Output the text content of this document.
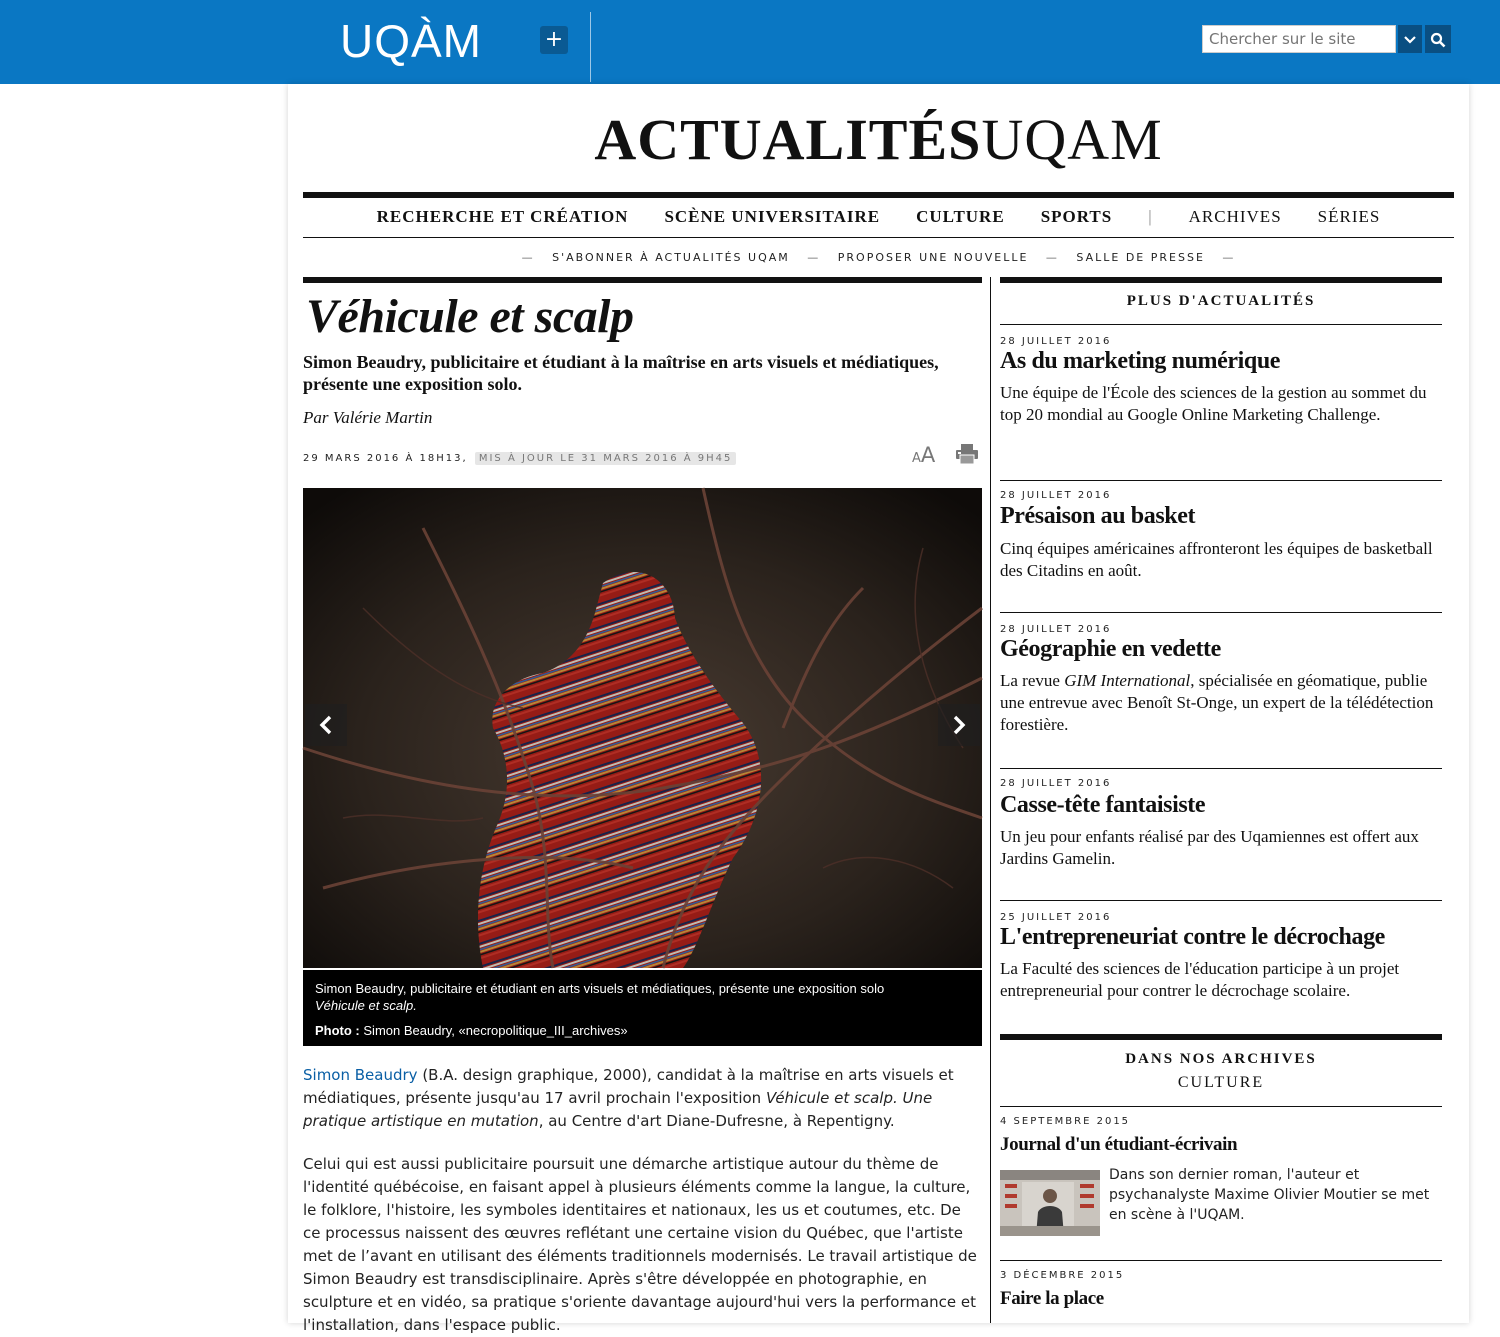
UQÀM	+
Chercher sur le site
ACTUALITÉSUQAM
RECHERCHE ET CRÉATION SCÈNE UNIVERSITAIRE CULTURE SPORTS | ARCHIVES SÉRIES
— S'ABONNER À ACTUALITÉS UQAM — PROPOSER UNE NOUVELLE — SALLE DE PRESSE —
Véhicule et scalp
Simon Beaudry, publicitaire et étudiant à la maîtrise en arts visuels et médiatiques, présente une exposition solo.
Par Valérie Martin
29 MARS 2016 À 18H13, MIS À JOUR LE 31 MARS 2016 À 9H45	AA
Simon Beaudry, publicitaire et étudiant en arts visuels et médiatiques, présente une exposition solo
Véhicule et scalp.
Photo : Simon Beaudry, «necropolitique_III_archives»
Simon Beaudry (B.A. design graphique, 2000), candidat à la maîtrise en arts visuels et médiatiques, présente jusqu'au 17 avril prochain l'exposition Véhicule et scalp. Une pratique artistique en mutation, au Centre d'art Diane-Dufresne, à Repentigny.
Celui qui est aussi publicitaire poursuit une démarche artistique autour du thème de l'identité québécoise, en faisant appel à plusieurs éléments comme la langue, la culture, le folklore, l'histoire, les symboles identitaires et nationaux, les us et coutumes, etc. De ce processus naissent des œuvres reflétant une certaine vision du Québec, que l'artiste met de l’avant en utilisant des éléments traditionnels modernisés. Le travail artistique de Simon Beaudry est transdisciplinaire. Après s'être développée en photographie, en sculpture et en vidéo, sa pratique s'oriente davantage aujourd'hui vers la performance et l'installation, dans l'espace public.
PLUS D'ACTUALITÉS
28 JUILLET 2016
As du marketing numérique
Une équipe de l'École des sciences de la gestion au sommet du top 20 mondial au Google Online Marketing Challenge.
28 JUILLET 2016
Présaison au basket
Cinq équipes américaines affronteront les équipes de basketball des Citadins en août.
28 JUILLET 2016
Géographie en vedette
La revue GIM International, spécialisée en géomatique, publie une entrevue avec Benoît St-Onge, un expert de la télédétection forestière.
28 JUILLET 2016
Casse-tête fantaisiste
Un jeu pour enfants réalisé par des Uqamiennes est offert aux Jardins Gamelin.
25 JUILLET 2016
L'entrepreneuriat contre le décrochage
La Faculté des sciences de l'éducation participe à un projet entrepreneurial pour contrer le décrochage scolaire.
DANS NOS ARCHIVES
CULTURE
4 SEPTEMBRE 2015
Journal d'un étudiant-écrivain
Dans son dernier roman, l'auteur et psychanalyste Maxime Olivier Moutier se met en scène à l'UQAM.
3 DÉCEMBRE 2015
Faire la place
